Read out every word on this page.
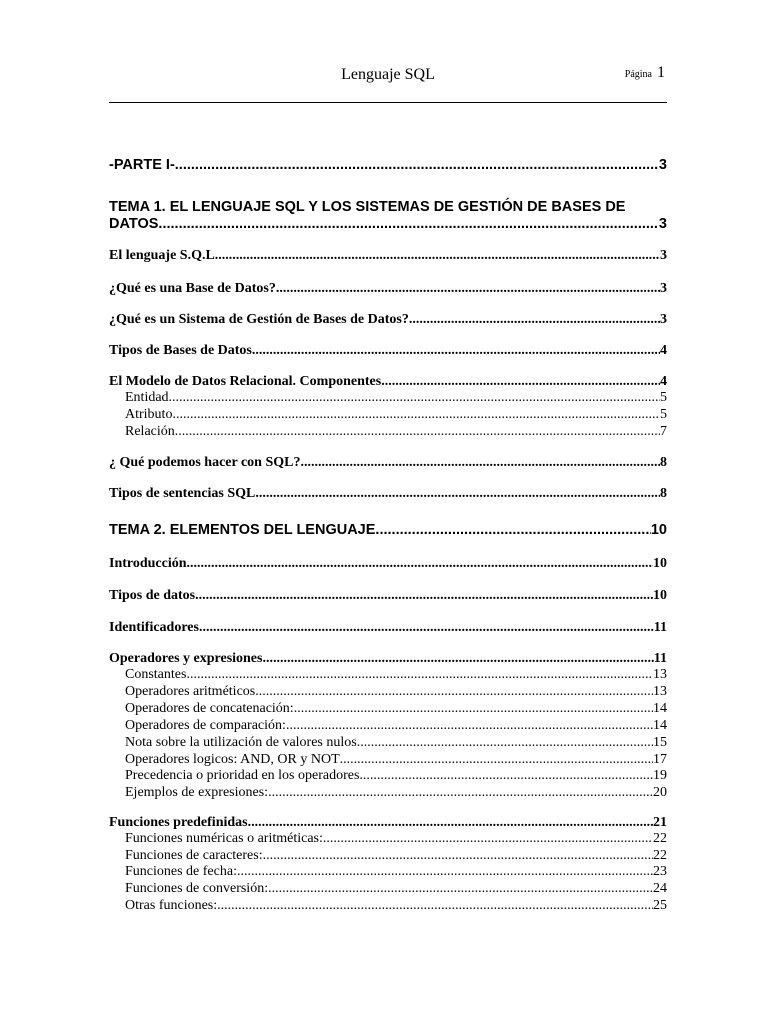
Lenguaje SQL	Página 1
-PARTE I- .....	3
TEMA 1. EL LENGUAJE SQL Y LOS SISTEMAS DE GESTIÓN DE BASES DE
DATOS .....	3
El lenguaje S.Q.L .....	3
¿Qué es una Base de Datos? .....	3
¿Qué es un Sistema de Gestión de Bases de Datos? .....	3
Tipos de Bases de Datos .....	4
El Modelo de Datos Relacional. Componentes. .....	4
Entidad .....	5
Atributo .....	5
Relación .....	7
¿ Qué podemos hacer con SQL? .....	8
Tipos de sentencias SQL .....	8
TEMA 2. ELEMENTOS DEL LENGUAJE .....	10
Introducción .....	10
Tipos de datos .....	10
Identificadores .....	11
Operadores y expresiones .....	11
Constantes .....	13
Operadores aritméticos .....	13
Operadores de concatenación: .....	14
Operadores de comparación: .....	14
Nota sobre la utilización de valores nulos .....	15
Operadores logicos: AND, OR y NOT .....	17
Precedencia o prioridad en los operadores .....	19
Ejemplos de expresiones: .....	20
Funciones predefinidas .....	21
Funciones numéricas o aritméticas: .....	22
Funciones de caracteres: .....	22
Funciones de fecha: .....	23
Funciones de conversión: .....	24
Otras funciones: .....	25
